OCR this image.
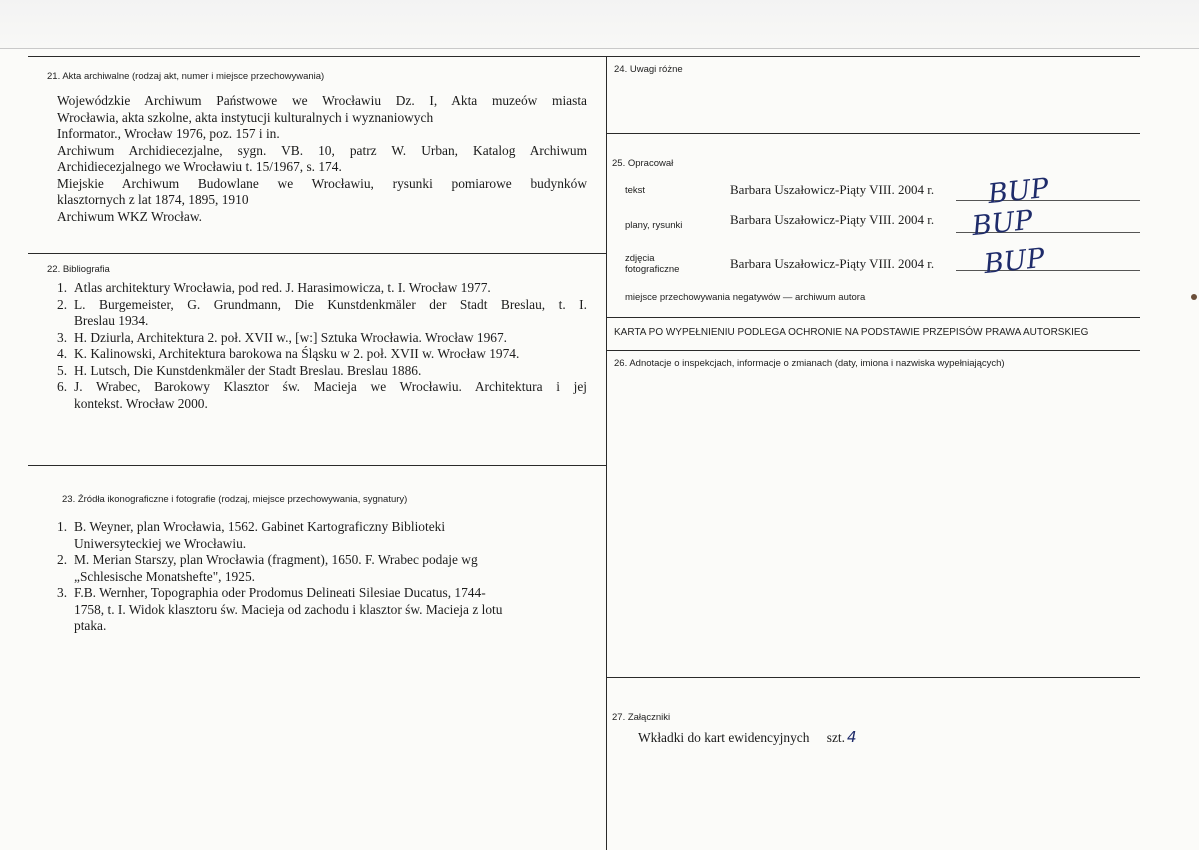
21. Akta archiwalne (rodzaj akt, numer i miejsce przechowywania)
Wojewódzkie Archiwum Państwowe we Wrocławiu Dz. I, Akta muzeów miasta
Wrocławia, akta szkolne, akta instytucji kulturalnych i wyznaniowych
Informator., Wrocław 1976, poz. 157 i in.
Archiwum Archidiecezjalne, sygn. VB. 10, patrz W. Urban, Katalog Archiwum
Archidiecezjalnego we Wrocławiu t. 15/1967, s. 174.
Miejskie Archiwum Budowlane we Wrocławiu, rysunki pomiarowe budynków
klasztornych z lat 1874, 1895, 1910
Archiwum WKZ Wrocław.
22. Bibliografia
1. Atlas architektury Wrocławia, pod red. J. Harasimowicza, t. I. Wrocław 1977.
2. L. Burgemeister, G. Grundmann, Die Kunstdenkmäler der Stadt Breslau, t. I.
Breslau 1934.
3. H. Dziurla, Architektura 2. poł. XVII w., [w:] Sztuka Wrocławia. Wrocław 1967.
4. K. Kalinowski, Architektura barokowa na Śląsku w 2. poł. XVII w. Wrocław 1974.
5. H. Lutsch, Die Kunstdenkmäler der Stadt Breslau. Breslau 1886.
6. J. Wrabec, Barokowy Klasztor św. Macieja we Wrocławiu. Architektura i jej
kontekst. Wrocław 2000.
23. Źródła ikonograficzne i fotografie (rodzaj, miejsce przechowywania, sygnatury)
1. B. Weyner, plan Wrocławia, 1562. Gabinet Kartograficzny Biblioteki
Uniwersyteckiej we Wrocławiu.
2. M. Merian Starszy, plan Wrocławia (fragment), 1650. F. Wrabec podaje wg
„Schlesische Monatshefte", 1925.
3. F.B. Wernher, Topographia oder Prodomus Delineati Silesiae Ducatus, 1744-
1758, t. I. Widok klasztoru św. Macieja od zachodu i klasztor św. Macieja z lotu
ptaka.
24. Uwagi różne
25. Opracował
tekst	Barbara Uszałowicz-Piąty VIII. 2004 r. BUP
plany, rysunki	Barbara Uszałowicz-Piąty VIII. 2004 r. BUP
zdjęcia
fotograficzne	Barbara Uszałowicz-Piąty VIII. 2004 r. BUP
miejsce przechowywania negatywów — archiwum autora
KARTA PO WYPEŁNIENIU PODLEGA OCHRONIE NA PODSTAWIE PRZEPISÓW PRAWA AUTORSKIEG
26. Adnotacje o inspekcjach, informacje o zmianach (daty, imiona i nazwiska wypełniających)
27. Załączniki
Wkładki do kart ewidencyjnych szt. 4
